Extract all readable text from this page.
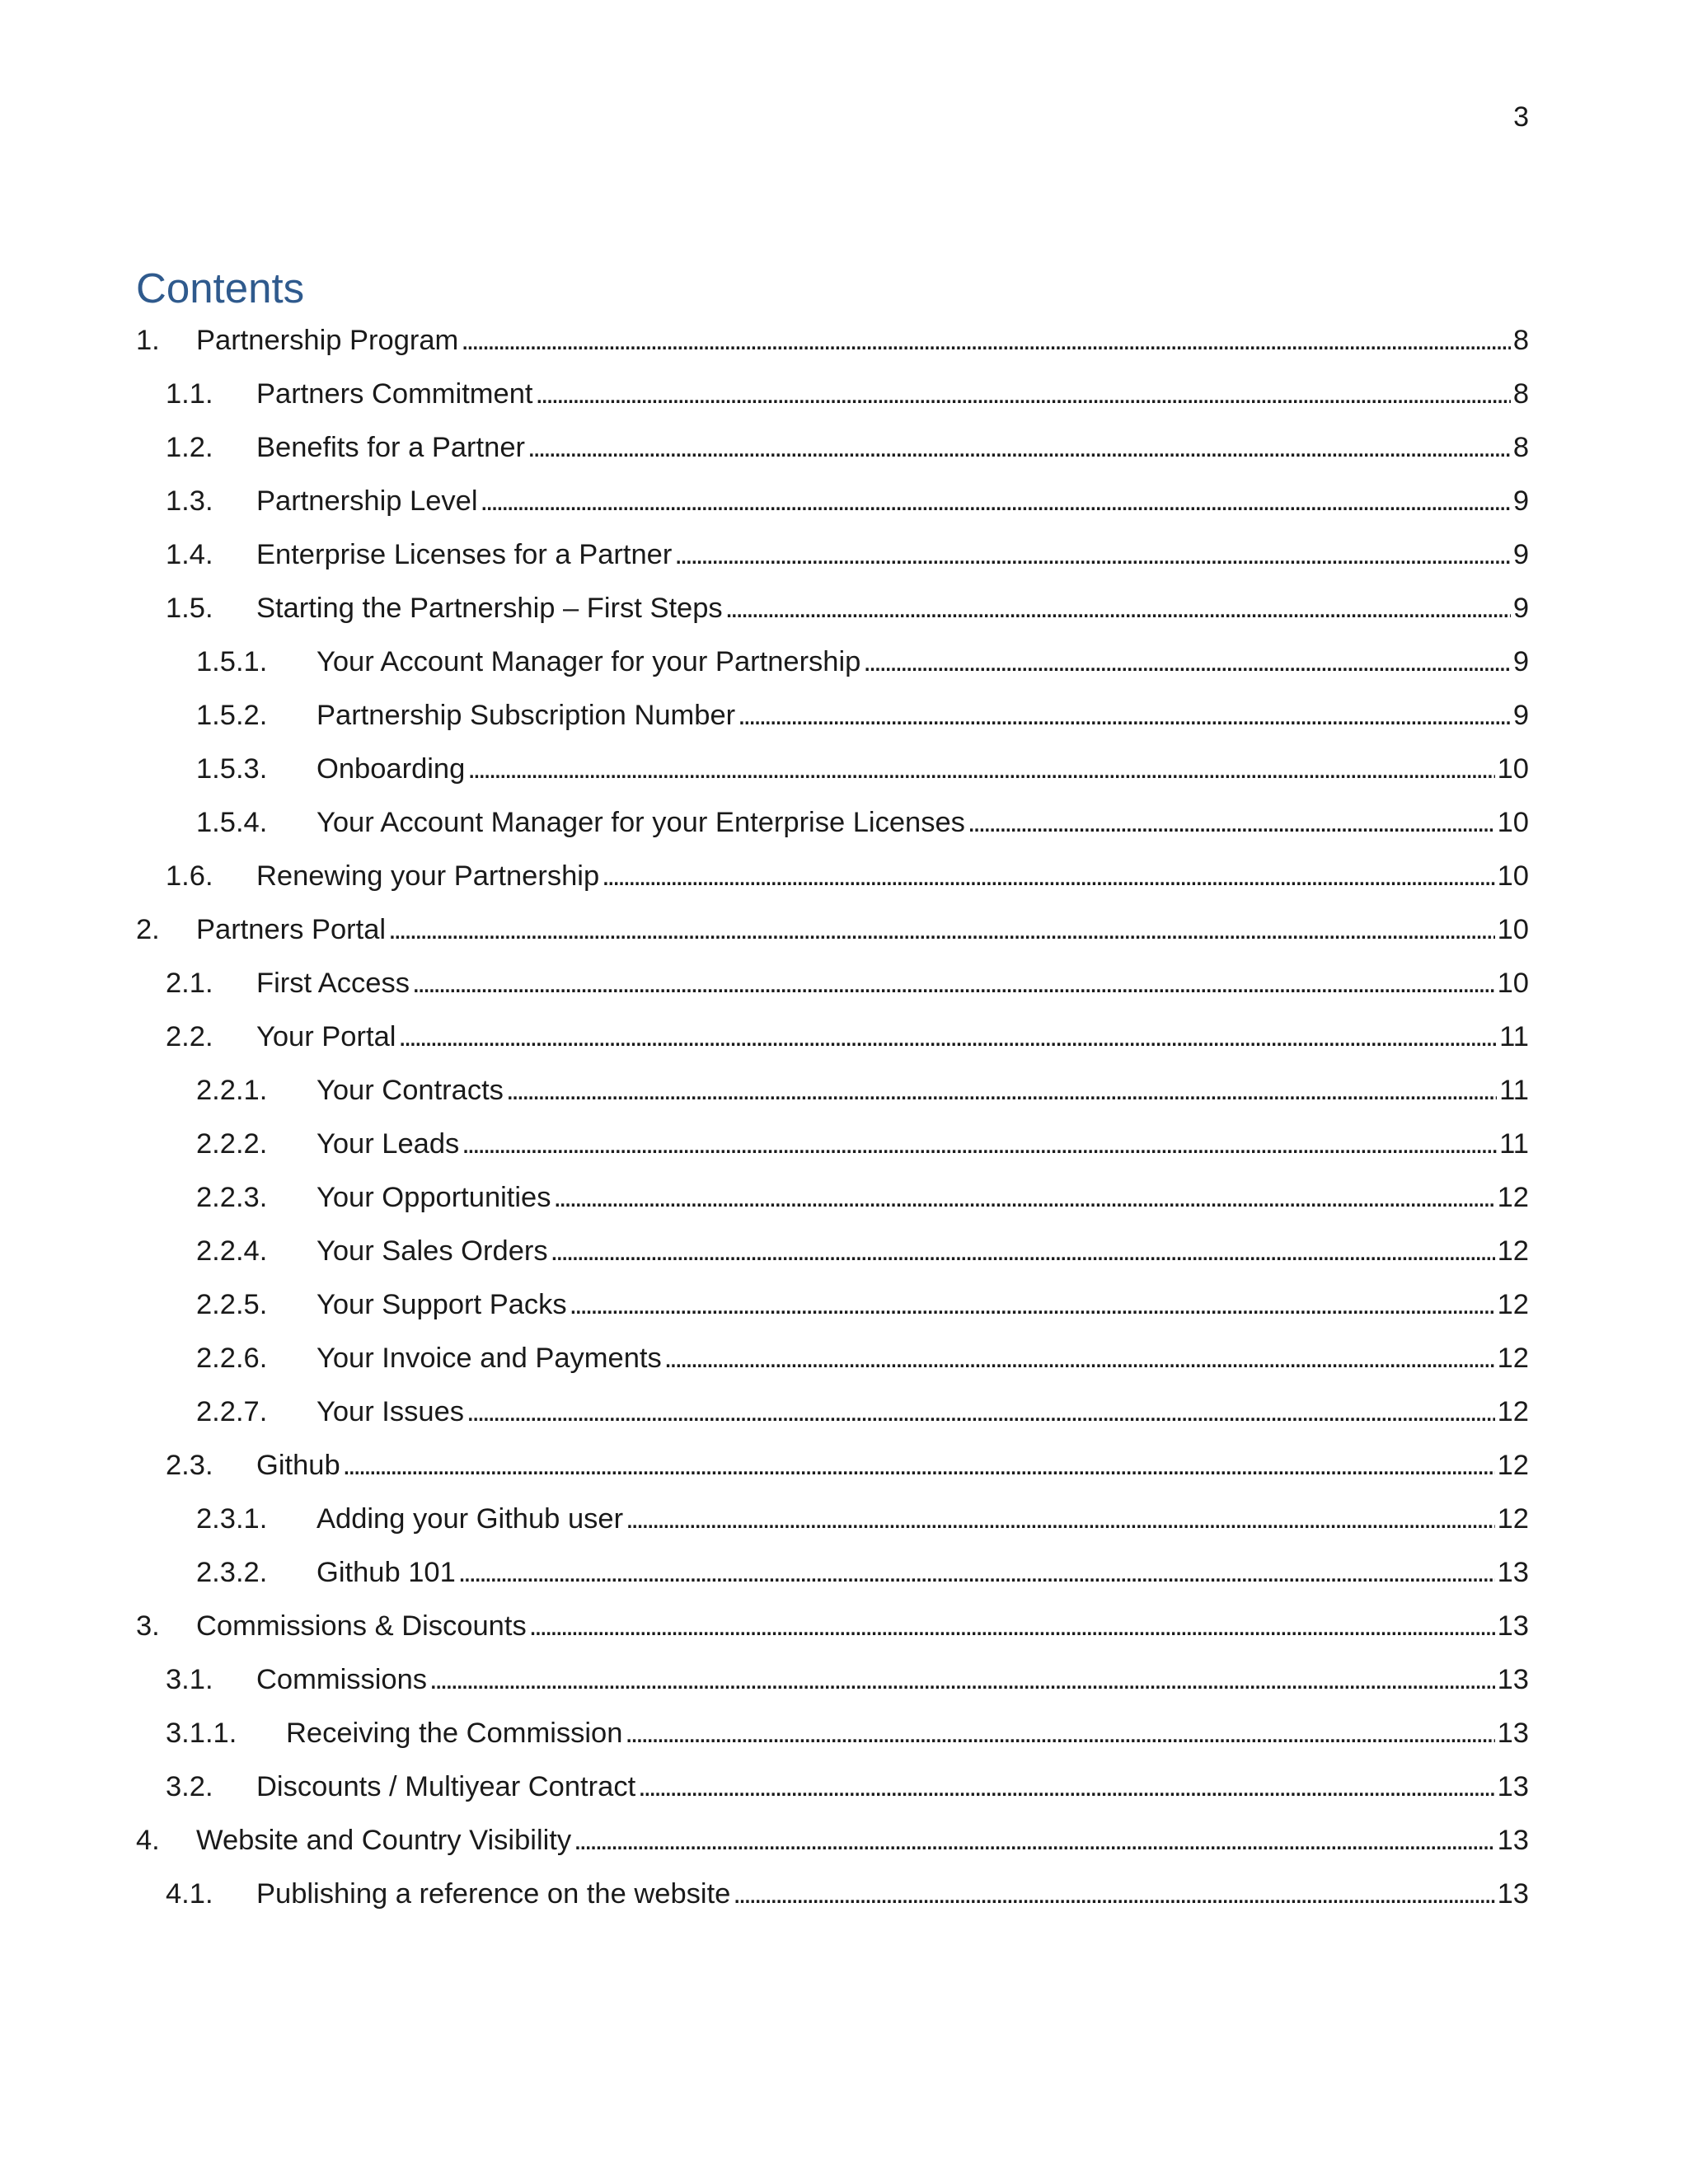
3
Contents
1.	Partnership Program . . .	8
1.1.	Partners Commitment . . .	8
1.2.	Benefits for a Partner . . .	8
1.3.	Partnership Level . . .	9
1.4.	Enterprise Licenses for a Partner . . .	9
1.5.	Starting the Partnership – First Steps . . .	9
1.5.1.	Your Account Manager for your Partnership . . .	9
1.5.2.	Partnership Subscription Number . . .	9
1.5.3.	Onboarding . . .	10
1.5.4.	Your Account Manager for your Enterprise Licenses . . .	10
1.6.	Renewing your Partnership . . .	10
2.	Partners Portal . . .	10
2.1.	First Access . . .	10
2.2.	Your Portal . . .	11
2.2.1.	Your Contracts . . .	11
2.2.2.	Your Leads . . .	11
2.2.3.	Your Opportunities . . .	12
2.2.4.	Your Sales Orders . . .	12
2.2.5.	Your Support Packs . . .	12
2.2.6.	Your Invoice and Payments . . .	12
2.2.7.	Your Issues . . .	12
2.3.	Github . . .	12
2.3.1.	Adding your Github user . . .	12
2.3.2.	Github 101 . . .	13
3.	Commissions & Discounts . . .	13
3.1.	Commissions . . .	13
3.1.1.	Receiving the Commission . . .	13
3.2.	Discounts / Multiyear Contract . . .	13
4.	Website and Country Visibility . . .	13
4.1.	Publishing a reference on the website . . .	13
